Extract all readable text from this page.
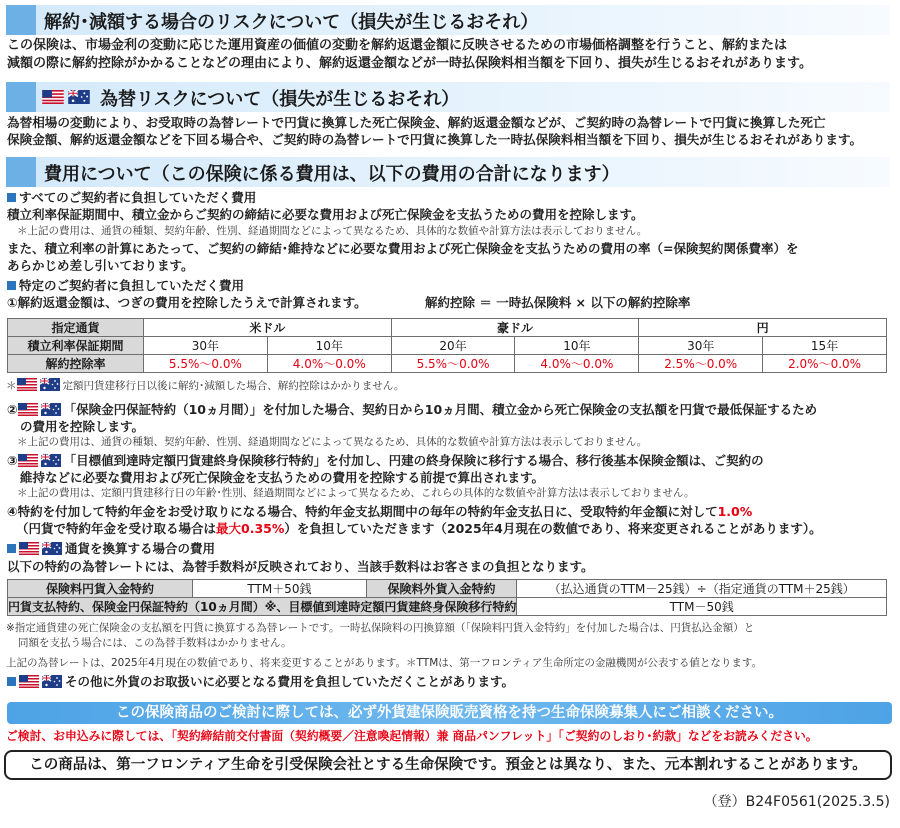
解約･減額する場合のリスクについて（損失が生じるおそれ）
この保険は、市場金利の変動に応じた運用資産の価値の変動を解約返還金額に反映させるための市場価格調整を行うこと、解約または
減額の際に解約控除がかかることなどの理由により、解約返還金額などが一時払保険料相当額を下回り、損失が生じるおそれがあります。
為替リスクについて（損失が生じるおそれ）
為替相場の変動により、お受取時の為替レートで円貨に換算した死亡保険金、解約返還金額などが、ご契約時の為替レートで円貨に換算した死亡
保険金額、解約返還金額などを下回る場合や、ご契約時の為替レートで円貨に換算した一時払保険料相当額を下回り、損失が生じるおそれがあります。
費用について（この保険に係る費用は、以下の費用の合計になります）
すべてのご契約者に負担していただく費用
積立利率保証期間中、積立金からご契約の締結に必要な費用および死亡保険金を支払うための費用を控除します。
＊上記の費用は、通貨の種類、契約年齢、性別、経過期間などによって異なるため、具体的な数値や計算方法は表示しておりません。
また、積立利率の計算にあたって、ご契約の締結･維持などに必要な費用および死亡保険金を支払うための費用の率（=保険契約関係費率）を
あらかじめ差し引いております。
特定のご契約者に負担していただく費用
①解約返還金額は、つぎの費用を控除したうえで計算されます。	解約控除 ＝ 一時払保険料 × 以下の解約控除率
指定通貨	米ドル		豪ドル		円	
積立利率保証期間	30年	10年	20年	10年	30年	15年
解約控除率	5.5%〜0.0%	4.0%〜0.0%	5.5%〜0.0%	4.0%〜0.0%	2.5%〜0.0%	2.0%〜0.0%
＊	定額円貨建移行日以後に解約･減額した場合、解約控除はかかりません。
②	「保険金円保証特約（10ヵ月間）」を付加した場合、契約日から10ヵ月間、積立金から死亡保険金の支払額を円貨で最低保証するため
の費用を控除します。
＊上記の費用は、通貨の種類、契約年齢、性別、経過期間などによって異なるため、具体的な数値や計算方法は表示しておりません。
③	「目標値到達時定額円貨建終身保険移行特約」を付加し、円建の終身保険に移行する場合、移行後基本保険金額は、ご契約の
維持などに必要な費用および死亡保険金を支払うための費用を控除する前提で算出されます。
＊上記の費用は、定額円貨建移行日の年齢･性別、経過期間などによって異なるため、これらの具体的な数値や計算方法は表示しておりません。
④特約を付加して特約年金をお受け取りになる場合、特約年金支払期間中の毎年の特約年金支払日に、受取特約年金額に対して1.0%
（円貨で特約年金を受け取る場合は最大0.35%）を負担していただきます（2025年4月現在の数値であり、将来変更されることがあります）。
通貨を換算する場合の費用
以下の特約の為替レートには、為替手数料が反映されており、当該手数料はお客さまの負担となります。
保険料円貨入金特約	TTM＋50銭	保険料外貨入金特約	（払込通貨のTTM－25銭）÷（指定通貨のTTM＋25銭）
円貨支払特約、保険金円保証特約（10ヵ月間）※、目標値到達時定額円貨建終身保険移行特約			TTM－50銭
※指定通貨建の死亡保険金の支払額を円貨に換算する為替レートです。一時払保険料の円換算額（「保険料円貨入金特約」を付加した場合は、円貨払込金額）と
同額を支払う場合には、この為替手数料はかかりません。
上記の為替レートは、2025年4月現在の数値であり、将来変更することがあります。＊TTMは、第一フロンティア生命所定の金融機関が公表する値となります。
その他に外貨のお取扱いに必要となる費用を負担していただくことがあります。
この保険商品のご検討に際しては、必ず外貨建保険販売資格を持つ生命保険募集人にご相談ください。
ご検討、お申込みに際しては、「契約締結前交付書面（契約概要／注意喚起情報）兼 商品パンフレット」「ご契約のしおり･約款」などをお読みください。
この商品は、第一フロンティア生命を引受保険会社とする生命保険です。預金とは異なり、また、元本割れすることがあります。
（登）B24F0561(2025.3.5)
